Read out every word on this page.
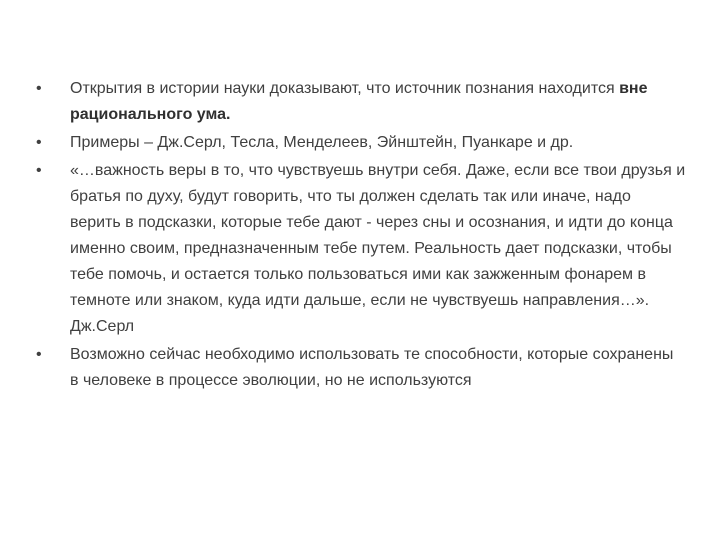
•	Открытия в истории науки доказывают, что источник познания находится вне рационального ума.
•	Примеры – Дж.Серл, Тесла, Менделеев, Эйнштейн, Пуанкаре и др.
•	«…важность веры в то, что чувствуешь внутри себя. Даже, если все твои друзья и братья по духу, будут говорить, что ты должен сделать так или иначе, надо верить в подсказки, которые тебе дают - через сны и осознания, и идти до конца именно своим, предназначенным тебе путем. Реальность дает подсказки, чтобы тебе помочь, и остается только пользоваться ими как зажженным фонарем в темноте или знаком, куда идти дальше, если не чувствуешь направления…». Дж.Серл
•	Возможно сейчас необходимо использовать те способности, которые сохранены в человеке в процессе эволюции, но не используются
